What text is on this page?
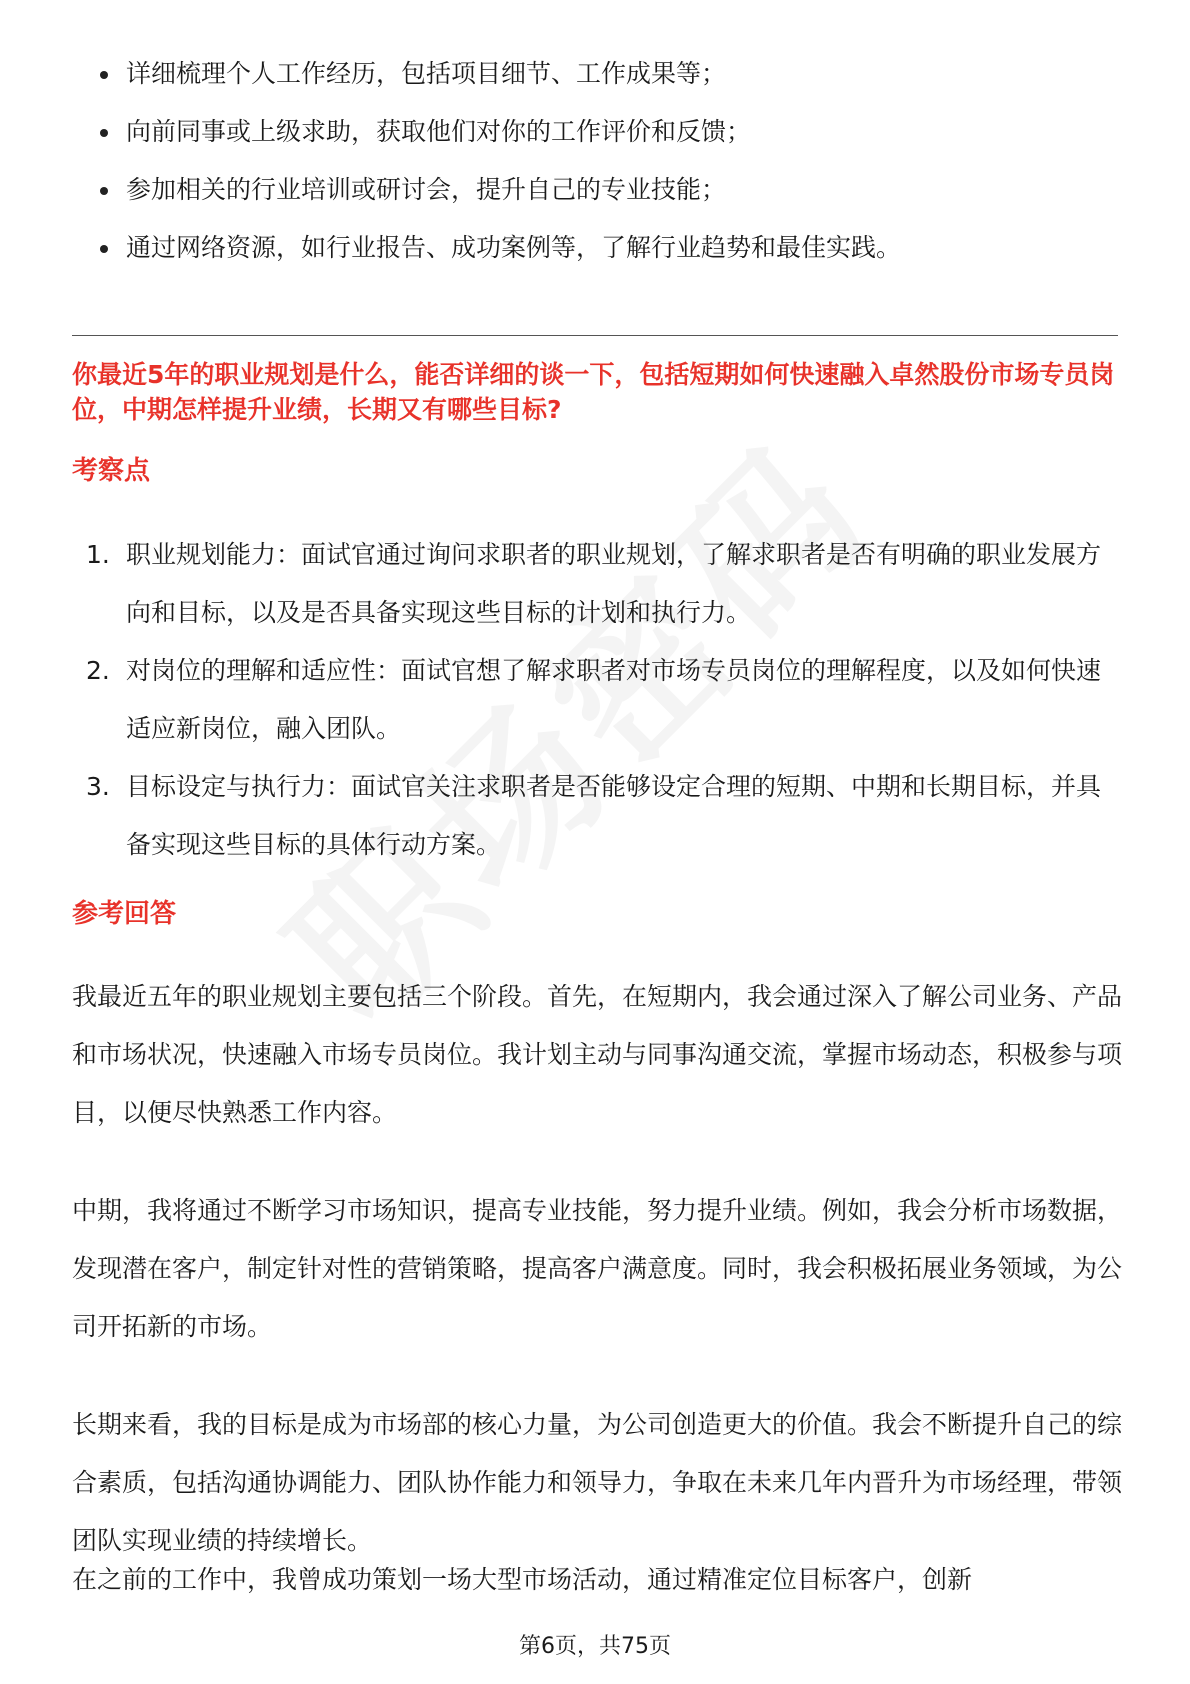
详细梳理个人工作经历，包括项目细节、工作成果等；
向前同事或上级求助，获取他们对你的工作评价和反馈；
参加相关的行业培训或研讨会，提升自己的专业技能；
通过网络资源，如行业报告、成功案例等，了解行业趋势和最佳实践。

你最近5年的职业规划是什么，能否详细的谈一下，包括短期如何快速融入卓然股份市场专员岗位，中期怎样提升业绩，长期又有哪些目标?

考察点
1. 职业规划能力：面试官通过询问求职者的职业规划，了解求职者是否有明确的职业发展方向和目标，以及是否具备实现这些目标的计划和执行力。
2. 对岗位的理解和适应性：面试官想了解求职者对市场专员岗位的理解程度，以及如何快速适应新岗位，融入团队。
3. 目标设定与执行力：面试官关注求职者是否能够设定合理的短期、中期和长期目标，并具备实现这些目标的具体行动方案。
参考回答

我最近五年的职业规划主要包括三个阶段。首先，在短期内，我会通过深入了解公司业务、产品和市场状况，快速融入市场专员岗位。我计划主动与同事沟通交流，掌握市场动态，积极参与项目，以便尽快熟悉工作内容。

中期，我将通过不断学习市场知识，提高专业技能，努力提升业绩。例如，我会分析市场数据，发现潜在客户，制定针对性的营销策略，提高客户满意度。同时，我会积极拓展业务领域，为公司开拓新的市场。

长期来看，我的目标是成为市场部的核心力量，为公司创造更大的价值。我会不断提升自己的综合素质，包括沟通协调能力、团队协作能力和领导力，争取在未来几年内晋升为市场经理，带领团队实现业绩的持续增长。

在之前的工作中，我曾成功策划一场大型市场活动，通过精准定位目标客户，创新

第6页，共75页
